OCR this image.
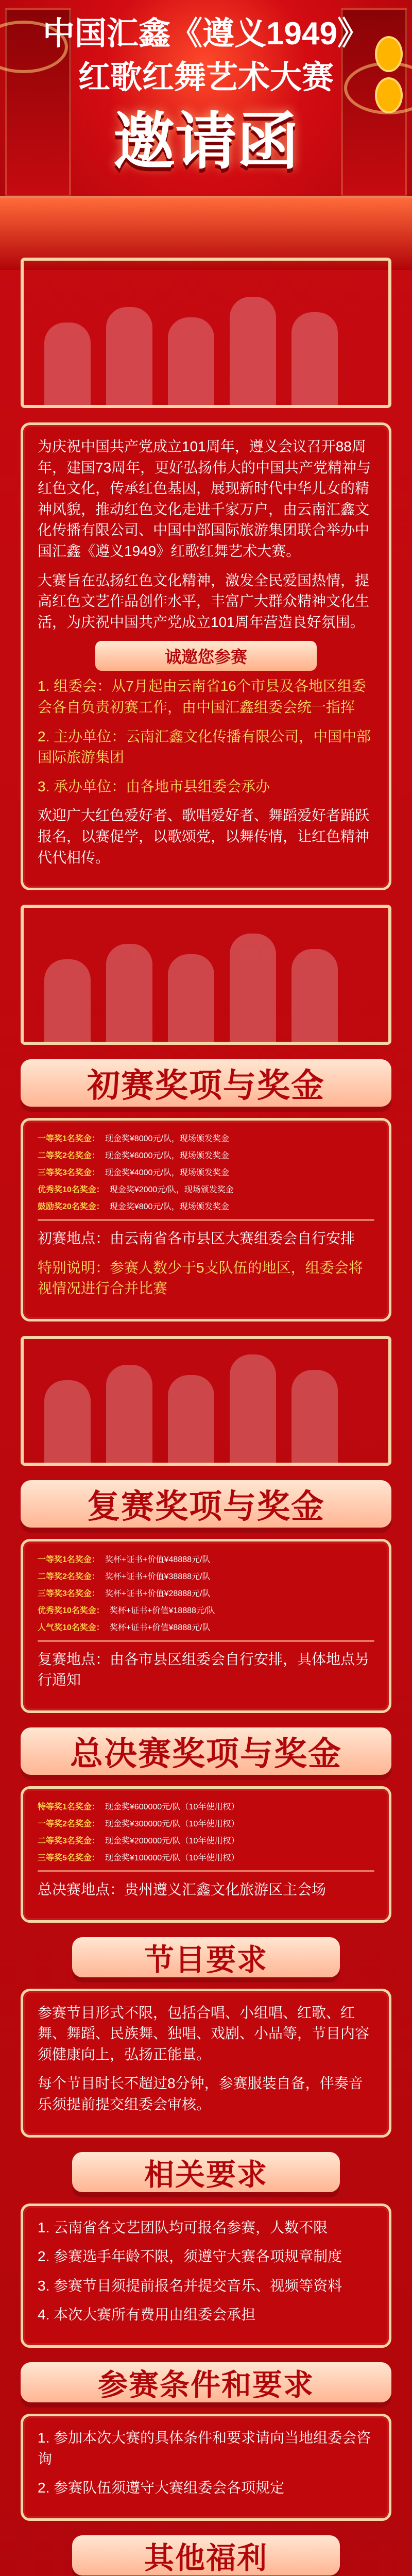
中国汇鑫《遵义1949》
红歌红舞艺术大赛
邀请函

为庆祝中国共产党成立101周年，遵义会议召开88周年，建国73周年，更好弘扬伟大的中国共产党精神与红色文化，传承红色基因，展现新时代中华儿女的精神风貌，推动红色文化走进千家万户，由云南汇鑫文化传播有限公司、中国中部国际旅游集团联合举办中国汇鑫《遵义1949》红歌红舞艺术大赛。

大赛旨在弘扬红色文化精神，激发全民爱国热情，提高红色文艺作品创作水平，丰富广大群众精神文化生活，为庆祝中国共产党成立101周年营造良好氛围。

诚邀您参赛

1. 组委会：从7月起由云南省16个市县及各地区组委会各自负责初赛工作，由中国汇鑫组委会统一指挥

2. 主办单位：云南汇鑫文化传播有限公司，中国中部国际旅游集团

3. 承办单位：由各地市县组委会承办

欢迎广大红色爱好者、歌唱爱好者、舞蹈爱好者踊跃报名，以赛促学，以歌颂党，以舞传情，让红色精神代代相传。

初赛奖项与奖金
一等奖1名奖金： 现金奖¥8000元/队，现场颁发奖金
二等奖2名奖金： 现金奖¥6000元/队，现场颁发奖金
三等奖3名奖金： 现金奖¥4000元/队，现场颁发奖金
优秀奖10名奖金： 现金奖¥2000元/队，现场颁发奖金
鼓励奖20名奖金： 现金奖¥800元/队，现场颁发奖金

初赛地点：由云南省各市县区大赛组委会自行安排

特别说明：参赛人数少于5支队伍的地区，组委会将视情况进行合并比赛

复赛奖项与奖金
一等奖1名奖金： 奖杯+证书+价值¥48888元/队
二等奖2名奖金： 奖杯+证书+价值¥38888元/队
三等奖3名奖金： 奖杯+证书+价值¥28888元/队
优秀奖10名奖金： 奖杯+证书+价值¥18888元/队
人气奖10名奖金： 奖杯+证书+价值¥8888元/队

复赛地点：由各市县区组委会自行安排，具体地点另行通知

总决赛奖项与奖金
特等奖1名奖金： 现金奖¥600000元/队（10年使用权）
一等奖2名奖金： 现金奖¥300000元/队（10年使用权）
二等奖3名奖金： 现金奖¥200000元/队（10年使用权）
三等奖5名奖金： 现金奖¥100000元/队（10年使用权）

总决赛地点：贵州遵义汇鑫文化旅游区主会场

节目要求

参赛节目形式不限，包括合唱、小组唱、红歌、红舞、舞蹈、民族舞、独唱、戏剧、小品等，节目内容须健康向上，弘扬正能量。

每个节目时长不超过8分钟，参赛服装自备，伴奏音乐须提前提交组委会审核。

相关要求

1. 云南省各文艺团队均可报名参赛，人数不限

2. 参赛选手年龄不限，须遵守大赛各项规章制度

3. 参赛节目须提前报名并提交音乐、视频等资料

4. 本次大赛所有费用由组委会承担

参赛条件和要求

1. 参加本次大赛的具体条件和要求请向当地组委会咨询

2. 参赛队伍须遵守大赛组委会各项规定

其他福利
